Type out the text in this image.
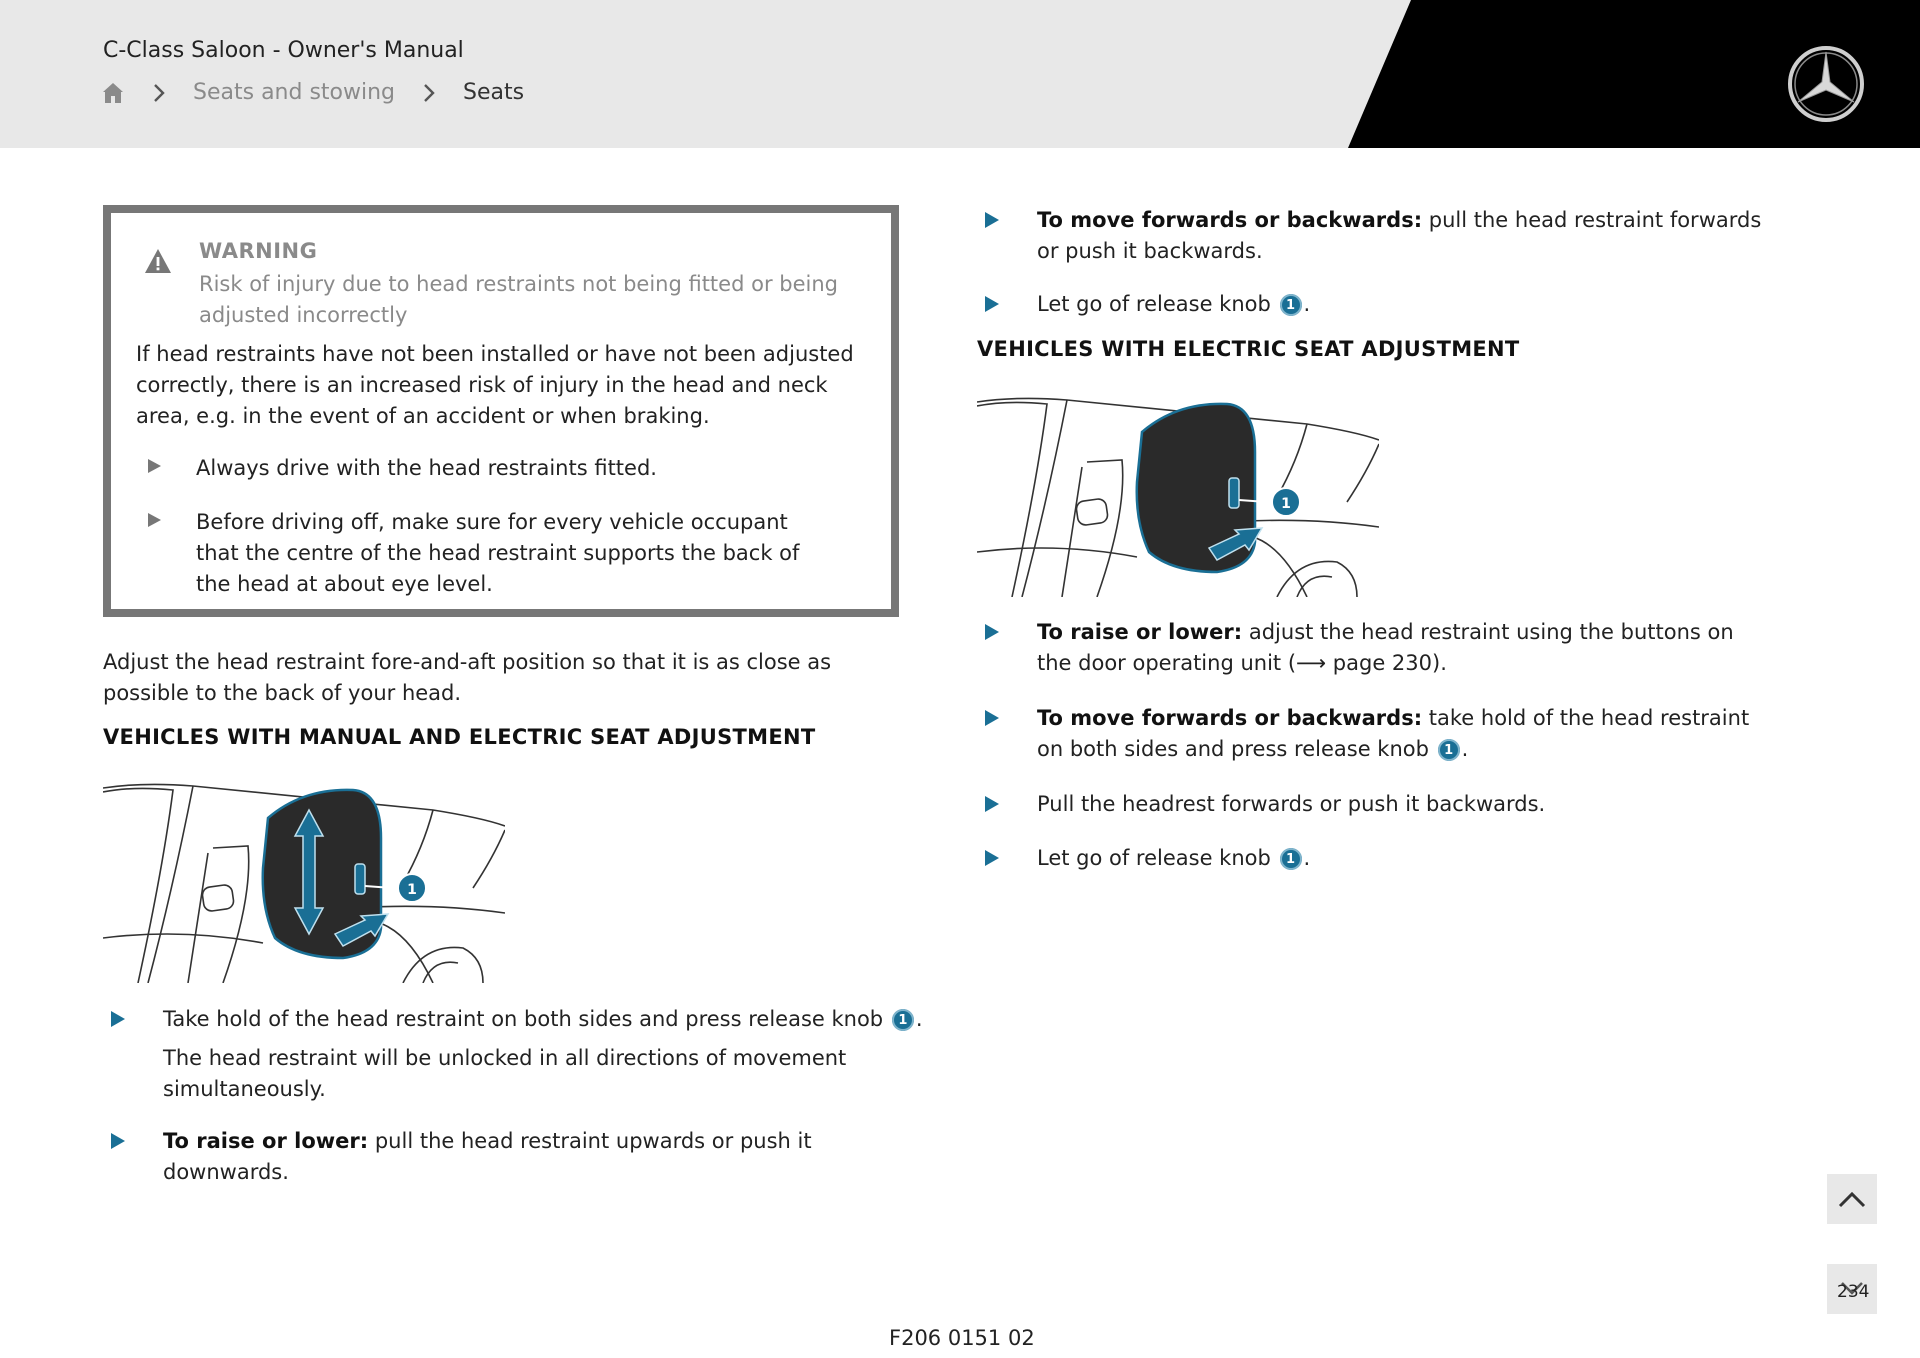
C-Class Saloon - Owner's Manual
Seats and stowing	Seats
WARNING
Risk of injury due to head restraints not being fitted or being adjusted incorrectly
If head restraints have not been installed or have not been adjusted correctly, there is an increased risk of injury in the head and neck area, e.g. in the event of an accident or when braking.
Always drive with the head restraints fitted.
Before driving off, make sure for every vehicle occupant that the centre of the head restraint supports the back of the head at about eye level.
Adjust the head restraint fore-and-aft position so that it is as close as possible to the back of your head.
VEHICLES WITH MANUAL AND ELECTRIC SEAT ADJUSTMENT
1
Take hold of the head restraint on both sides and press release knob 1 .
The head restraint will be unlocked in all directions of movement simultaneously.
To raise or lower: pull the head restraint upwards or push it downwards.
To move forwards or backwards: pull the head restraint forwards or push it backwards.
Let go of release knob 1 .
VEHICLES WITH ELECTRIC SEAT ADJUSTMENT
1
To raise or lower: adjust the head restraint using the buttons on the door operating unit (⟶ page 230).
To move forwards or backwards: take hold of the head restraint on both sides and press release knob 1 .
Pull the headrest forwards or push it backwards.
Let go of release knob 1 .
234
F206 0151 02
